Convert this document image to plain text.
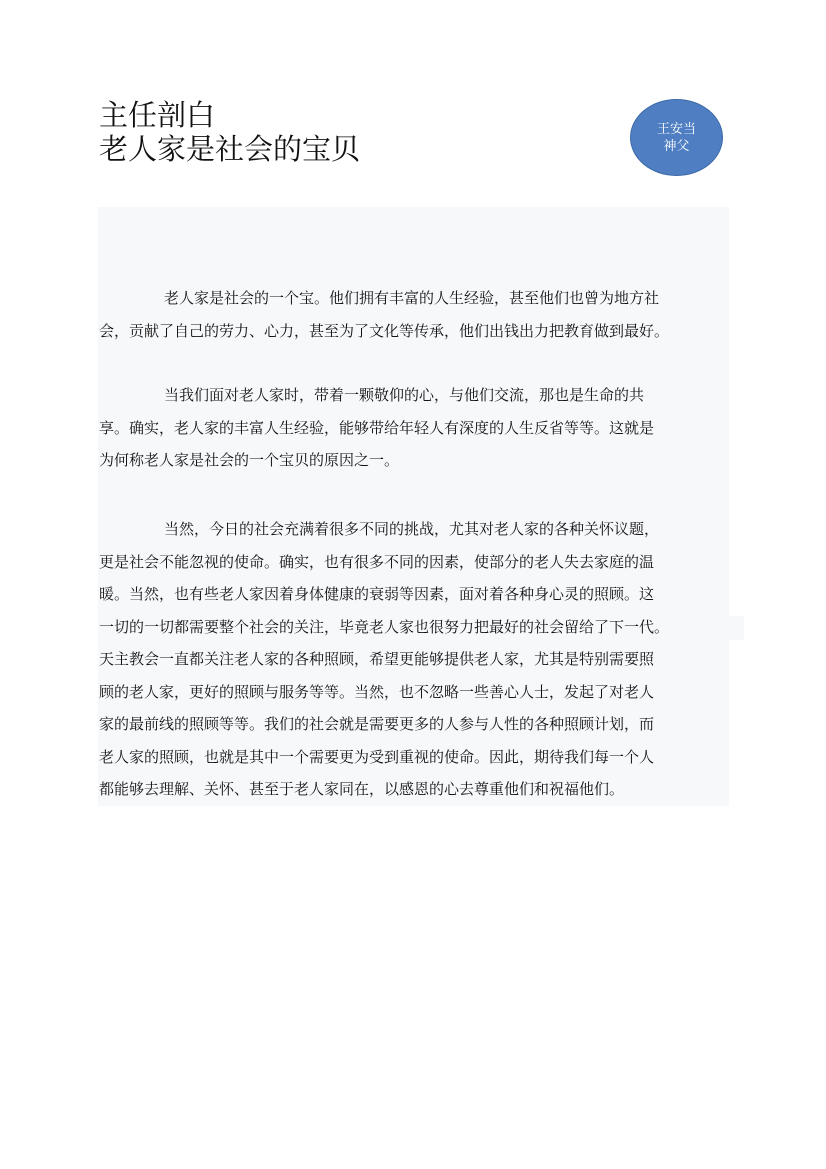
主任剖白
老人家是社会的宝贝
王安当
神父
老人家是社会的一个宝。他们拥有丰富的人生经验，甚至他们也曾为地方社
会，贡献了自己的劳力、心力，甚至为了文化等传承，他们出钱出力把教育做到最好。
当我们面对老人家时，带着一颗敬仰的心，与他们交流，那也是生命的共
享。确实，老人家的丰富人生经验，能够带给年轻人有深度的人生反省等等。这就是
为何称老人家是社会的一个宝贝的原因之一。
当然，今日的社会充满着很多不同的挑战，尤其对老人家的各种关怀议题，
更是社会不能忽视的使命。确实，也有很多不同的因素，使部分的老人失去家庭的温
暖。当然，也有些老人家因着身体健康的衰弱等因素，面对着各种身心灵的照顾。这
一切的一切都需要整个社会的关注，毕竟老人家也很努力把最好的社会留给了下一代。
天主教会一直都关注老人家的各种照顾，希望更能够提供老人家，尤其是特别需要照
顾的老人家，更好的照顾与服务等等。当然，也不忽略一些善心人士，发起了对老人
家的最前线的照顾等等。我们的社会就是需要更多的人参与人性的各种照顾计划，而
老人家的照顾，也就是其中一个需要更为受到重视的使命。因此，期待我们每一个人
都能够去理解、关怀、甚至于老人家同在，以感恩的心去尊重他们和祝福他们。
